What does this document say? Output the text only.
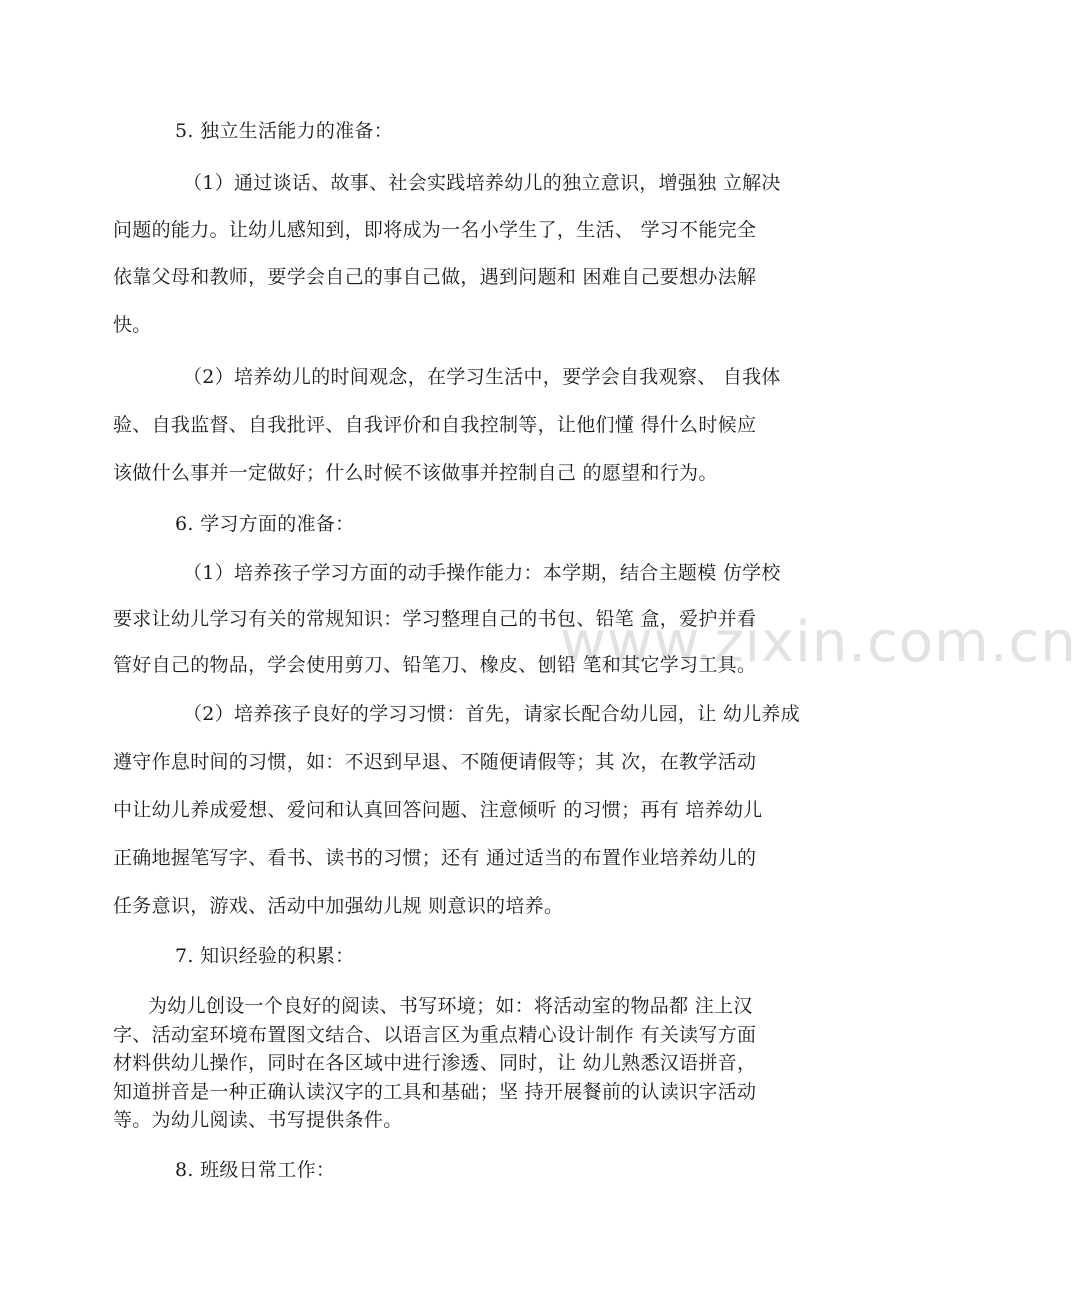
www.zixin.com.cn
5. 独立生活能力的准备：
（1）通过谈话、故事、社会实践培养幼儿的独立意识，增强独 立解决
问题的能力。让幼儿感知到，即将成为一名小学生了，生活、 学习不能完全
依靠父母和教师，要学会自己的事自己做，遇到问题和 困难自己要想办法解
快。
（2）培养幼儿的时间观念，在学习生活中，要学会自我观察、 自我体
验、自我监督、自我批评、自我评价和自我控制等，让他们懂 得什么时候应
该做什么事并一定做好；什么时候不该做事并控制自己 的愿望和行为。
6. 学习方面的准备：
（1）培养孩子学习方面的动手操作能力：本学期，结合主题模 仿学校
要求让幼儿学习有关的常规知识：学习整理自己的书包、铅笔 盒，爱护并看
管好自己的物品，学会使用剪刀、铅笔刀、橡皮、刨铅 笔和其它学习工具。
（2）培养孩子良好的学习习惯：首先，请家长配合幼儿园，让 幼儿养成
遵守作息时间的习惯，如：不迟到早退、不随便请假等；其 次，在教学活动
中让幼儿养成爱想、爱问和认真回答问题、注意倾听 的习惯；再有 培养幼儿
正确地握笔写字、看书、读书的习惯；还有 通过适当的布置作业培养幼儿的
任务意识，游戏、活动中加强幼儿规 则意识的培养。
7. 知识经验的积累：
为幼儿创设一个良好的阅读、书写环境；如：将活动室的物品都 注上汉
字、活动室环境布置图文结合、以语言区为重点精心设计制作 有关读写方面
材料供幼儿操作，同时在各区域中进行渗透、同时，让 幼儿熟悉汉语拼音，
知道拼音是一种正确认读汉字的工具和基础；坚 持开展餐前的认读识字活动
等。为幼儿阅读、书写提供条件。
8. 班级日常工作：
